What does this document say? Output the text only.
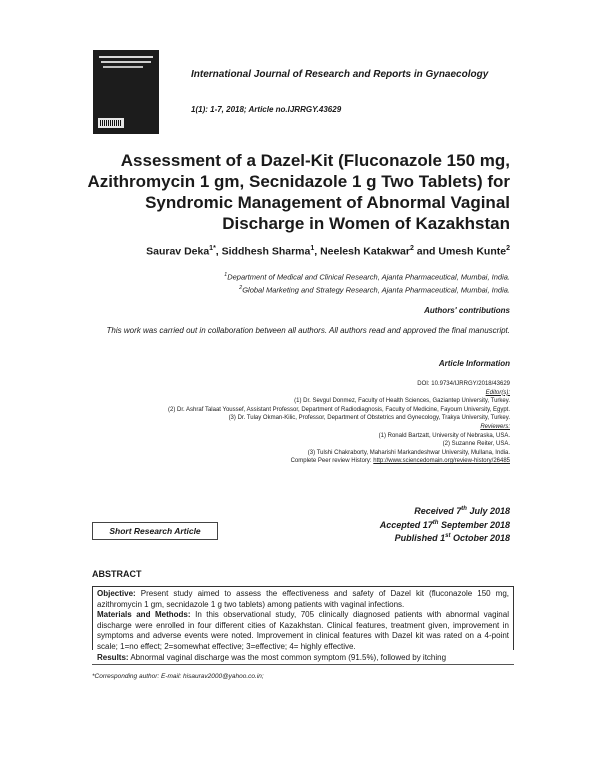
International Journal of Research and Reports in Gynaecology
1(1): 1-7, 2018; Article no.IJRRGY.43629
Assessment of a Dazel-Kit (Fluconazole 150 mg, Azithromycin 1 gm, Secnidazole 1 g Two Tablets) for Syndromic Management of Abnormal Vaginal Discharge in Women of Kazakhstan
Saurav Deka$^{1*}$, Siddhesh Sharma$^1$, Neelesh Katakwar$^2$ and Umesh Kunte$^2$
$^1$Department of Medical and Clinical Research, Ajanta Pharmaceutical, Mumbai, India.
$^2$Global Marketing and Strategy Research, Ajanta Pharmaceutical, Mumbai, India.
Authors' contributions
This work was carried out in collaboration between all authors. All authors read and approved the final manuscript.
Article Information
DOI: 10.9734/IJRRGY/2018/43629
Editor(s):
(1) Dr. Sevgul Donmez, Faculty of Health Sciences, Gaziantep University, Turkey.
(2) Dr. Ashraf Talaat Youssef, Assistant Professor, Department of Radiodiagnosis, Faculty of Medicine, Fayoum University, Egypt.
(3) Dr. Tulay Okman-Kilic, Professor, Department of Obstetrics and Gynecology, Trakya University, Turkey.
Reviewers:
(1) Ronald Bartzatt, University of Nebraska, USA.
(2) Suzanne Reiter, USA.
(3) Tulshi Chakraborty, Maharishi Markandeshwar University, Mullana, India.
Complete Peer review History: http://www.sciencedomain.org/review-history/26485
Received 7th July 2018
Accepted 17th September 2018
Published 1st October 2018
Short Research Article
ABSTRACT
Objective: Present study aimed to assess the effectiveness and safety of Dazel kit (fluconazole 150 mg, azithromycin 1 gm, secnidazole 1 g two tablets) among patients with vaginal infections.
Materials and Methods: In this observational study, 705 clinically diagnosed patients with abnormal vaginal discharge were enrolled in four different cities of Kazakhstan. Clinical features, treatment given, improvement in symptoms and adverse events were noted. Improvement in clinical features with Dazel kit was rated on a 4-point scale; 1=no effect; 2=somewhat effective; 3=effective; 4= highly effective.
Results: Abnormal vaginal discharge was the most common symptom (91.5%), followed by itching
*Corresponding author: E-mail: hisaurav2000@yahoo.co.in;
